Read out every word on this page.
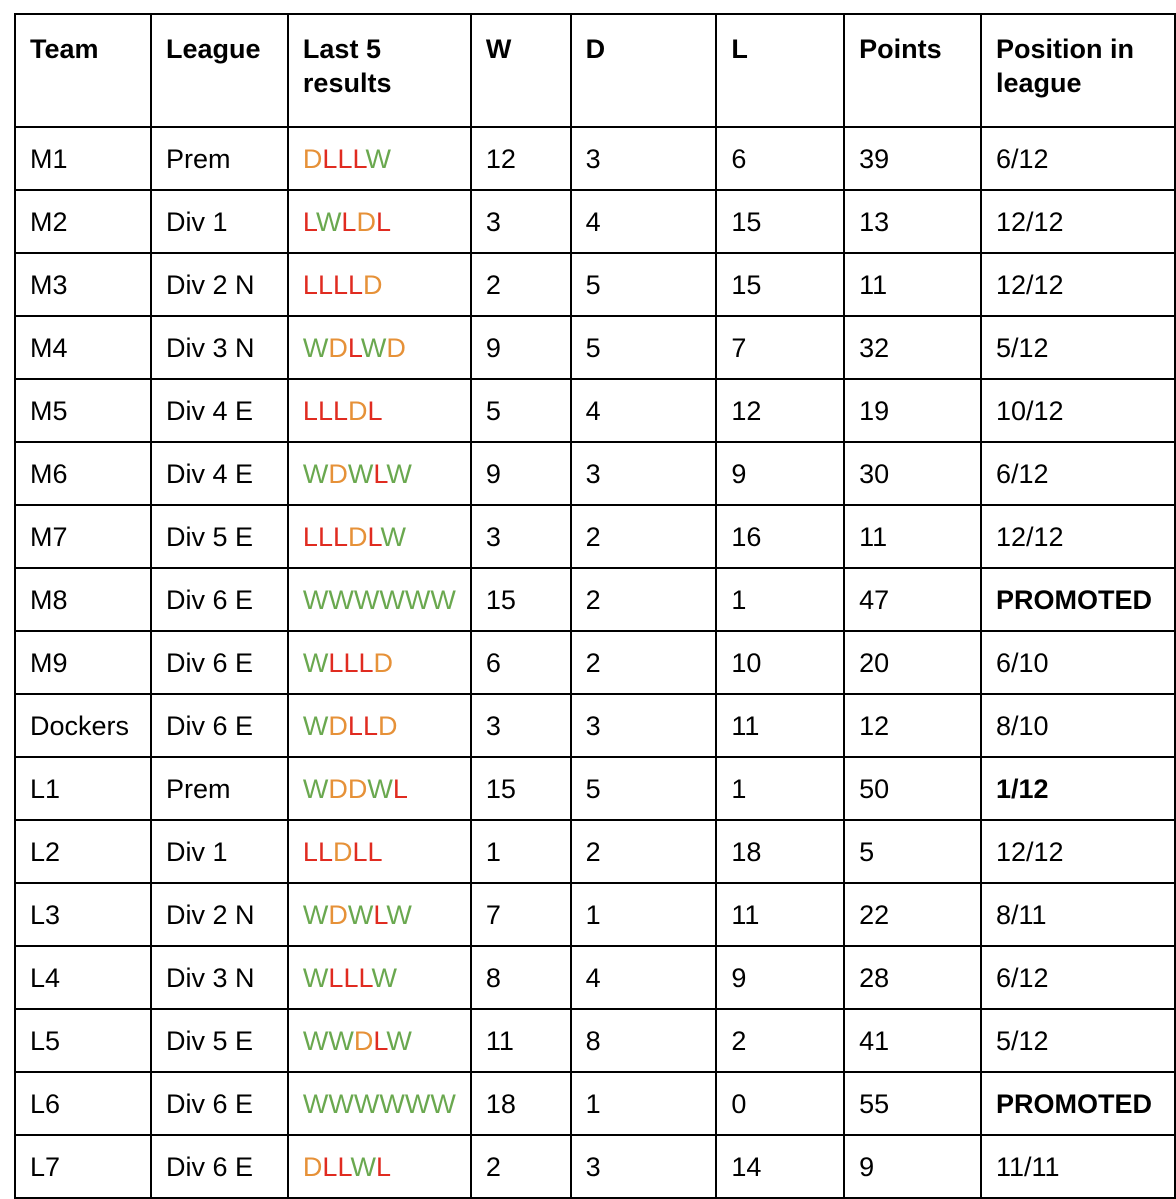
Team	League	Last 5 results	W	D	L	Points	Position in league
M1	Prem	DLLLW	12	3	6	39	6/12
M2	Div 1	LWLDL	3	4	15	13	12/12
M3	Div 2 N	LLLLD	2	5	15	11	12/12
M4	Div 3 N	WDLWD	9	5	7	32	5/12
M5	Div 4 E	LLLDL	5	4	12	19	10/12
M6	Div 4 E	WDWLW	9	3	9	30	6/12
M7	Div 5 E	LLLDLW	3	2	16	11	12/12
M8	Div 6 E	WWWWWW	15	2	1	47	PROMOTED
M9	Div 6 E	WLLLD	6	2	10	20	6/10
Dockers	Div 6 E	WDLLD	3	3	11	12	8/10
L1	Prem	WDDWL	15	5	1	50	1/12
L2	Div 1	LLDLL	1	2	18	5	12/12
L3	Div 2 N	WDWLW	7	1	11	22	8/11
L4	Div 3 N	WLLLW	8	4	9	28	6/12
L5	Div 5 E	WWDLW	11	8	2	41	5/12
L6	Div 6 E	WWWWWW	18	1	0	55	PROMOTED
L7	Div 6 E	DLLWL	2	3	14	9	11/11
